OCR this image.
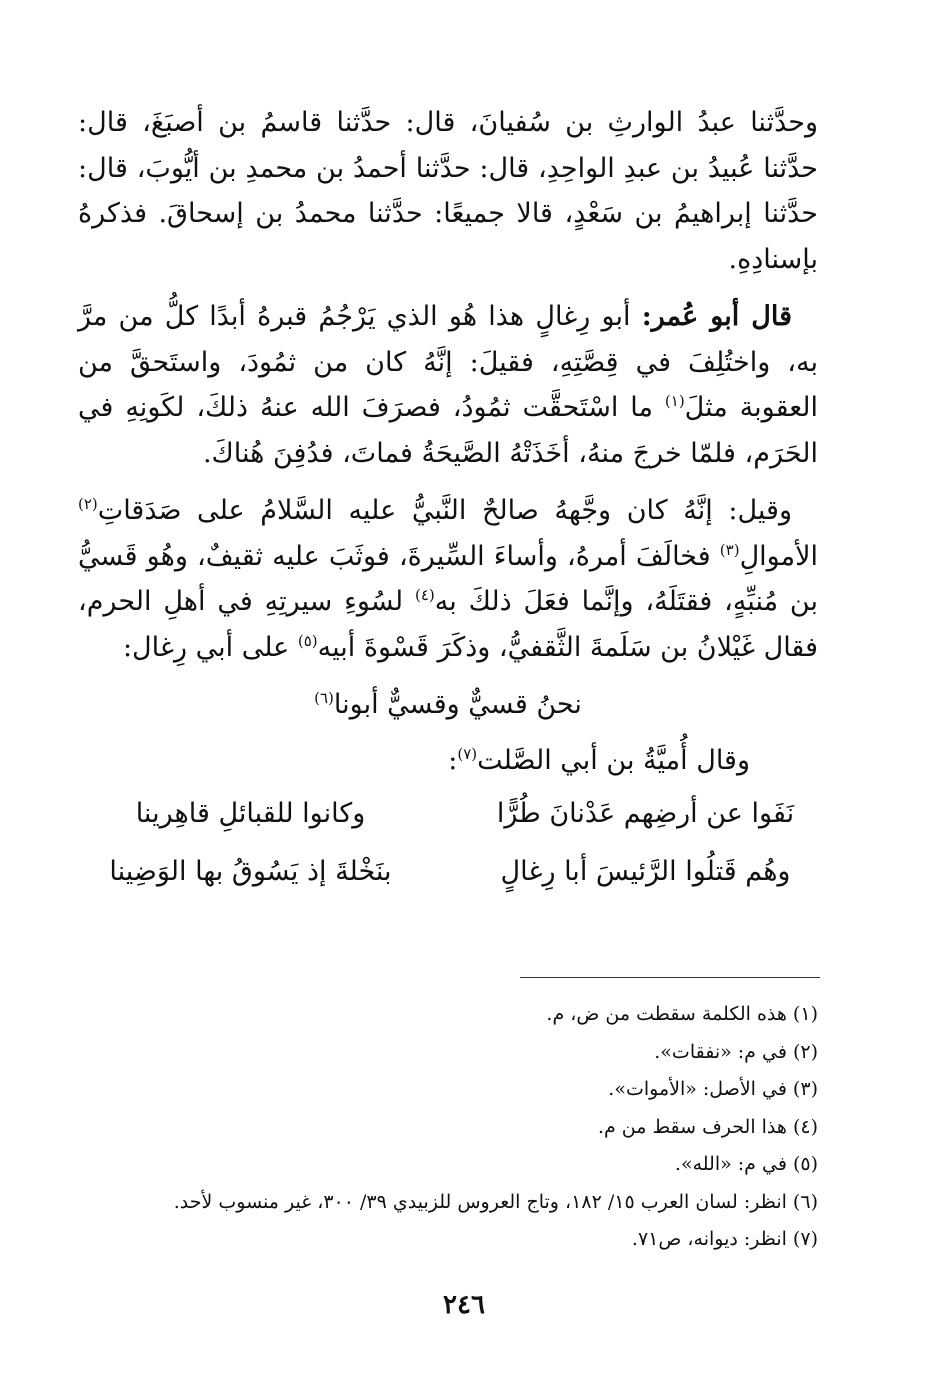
وحدَّثنا عبدُ الوارثِ بن سُفيانَ، قال: حدَّثنا قاسمُ بن أصبَغَ، قال: حدَّثنا عُبيدُ بن عبدِ الواحِدِ، قال: حدَّثنا أحمدُ بن محمدِ بن أيُّوبَ، قال: حدَّثنا إبراهيمُ بن سَعْدٍ، قالا جميعًا: حدَّثنا محمدُ بن إسحاقَ. فذكرهُ بإسنادِهِ.

قال أبو عُمر: أبو رِغالٍ هذا هُو الذي يَرْجُمُ قبرهُ أبدًا كلُّ من مرَّ به، واختُلِفَ في قِصَّتِهِ، فقيلَ: إنَّهُ كان من ثمُودَ، واستَحقَّ من العقوبة مثلَ$^{(١)}$ ما اسْتَحقَّت ثمُودُ، فصرَفَ الله عنهُ ذلكَ، لكَونِهِ في الحَرَم، فلمّا خرجَ منهُ، أخَذَتْهُ الصَّيحَةُ فماتَ، فدُفِنَ هُناكَ.

وقيل: إنَّهُ كان وجَّههُ صالحٌ النَّبيُّ عليه السَّلامُ على صَدَقاتِ$^{(٢)}$ الأموالِ$^{(٣)}$ فخالَفَ أمرهُ، وأساءَ السِّيرةَ، فوثَبَ عليه ثقيفٌ، وهُو قَسيُّ بن مُنبِّهٍ، فقتَلَهُ، وإنَّما فعَلَ ذلكَ به$^{(٤)}$ لسُوءِ سيرتِهِ في أهلِ الحرم، فقال غَيْلانُ بن سَلَمةَ الثَّقفيُّ، وذكَرَ قَسْوةَ أبيه$^{(٥)}$ على أبي رِغال:

نحنُ قسيٌّ وقسيٌّ أبونا$^{(٦)}$

وقال أُميَّةُ بن أبي الصَّلت$^{(٧)}$:

نَفَوا عن أرضِهم عَدْنانَ طُرًّا
وكانوا للقبائلِ قاهِرينا
وهُم قَتلُوا الرَّئيسَ أبا رِغالٍ
بنَخْلةَ إذ يَسُوقُ بها الوَضِينا

(١) هذه الكلمة سقطت من ض، م.

(٢) في م: «نفقات».

(٣) في الأصل: «الأموات».

(٤) هذا الحرف سقط من م.

(٥) في م: «الله».

(٦) انظر: لسان العرب ١٥/ ١٨٢، وتاج العروس للزبيدي ٣٩/ ٣٠٠، غير منسوب لأحد.

(٧) انظر: ديوانه، ص٧١.

٢٤٦
